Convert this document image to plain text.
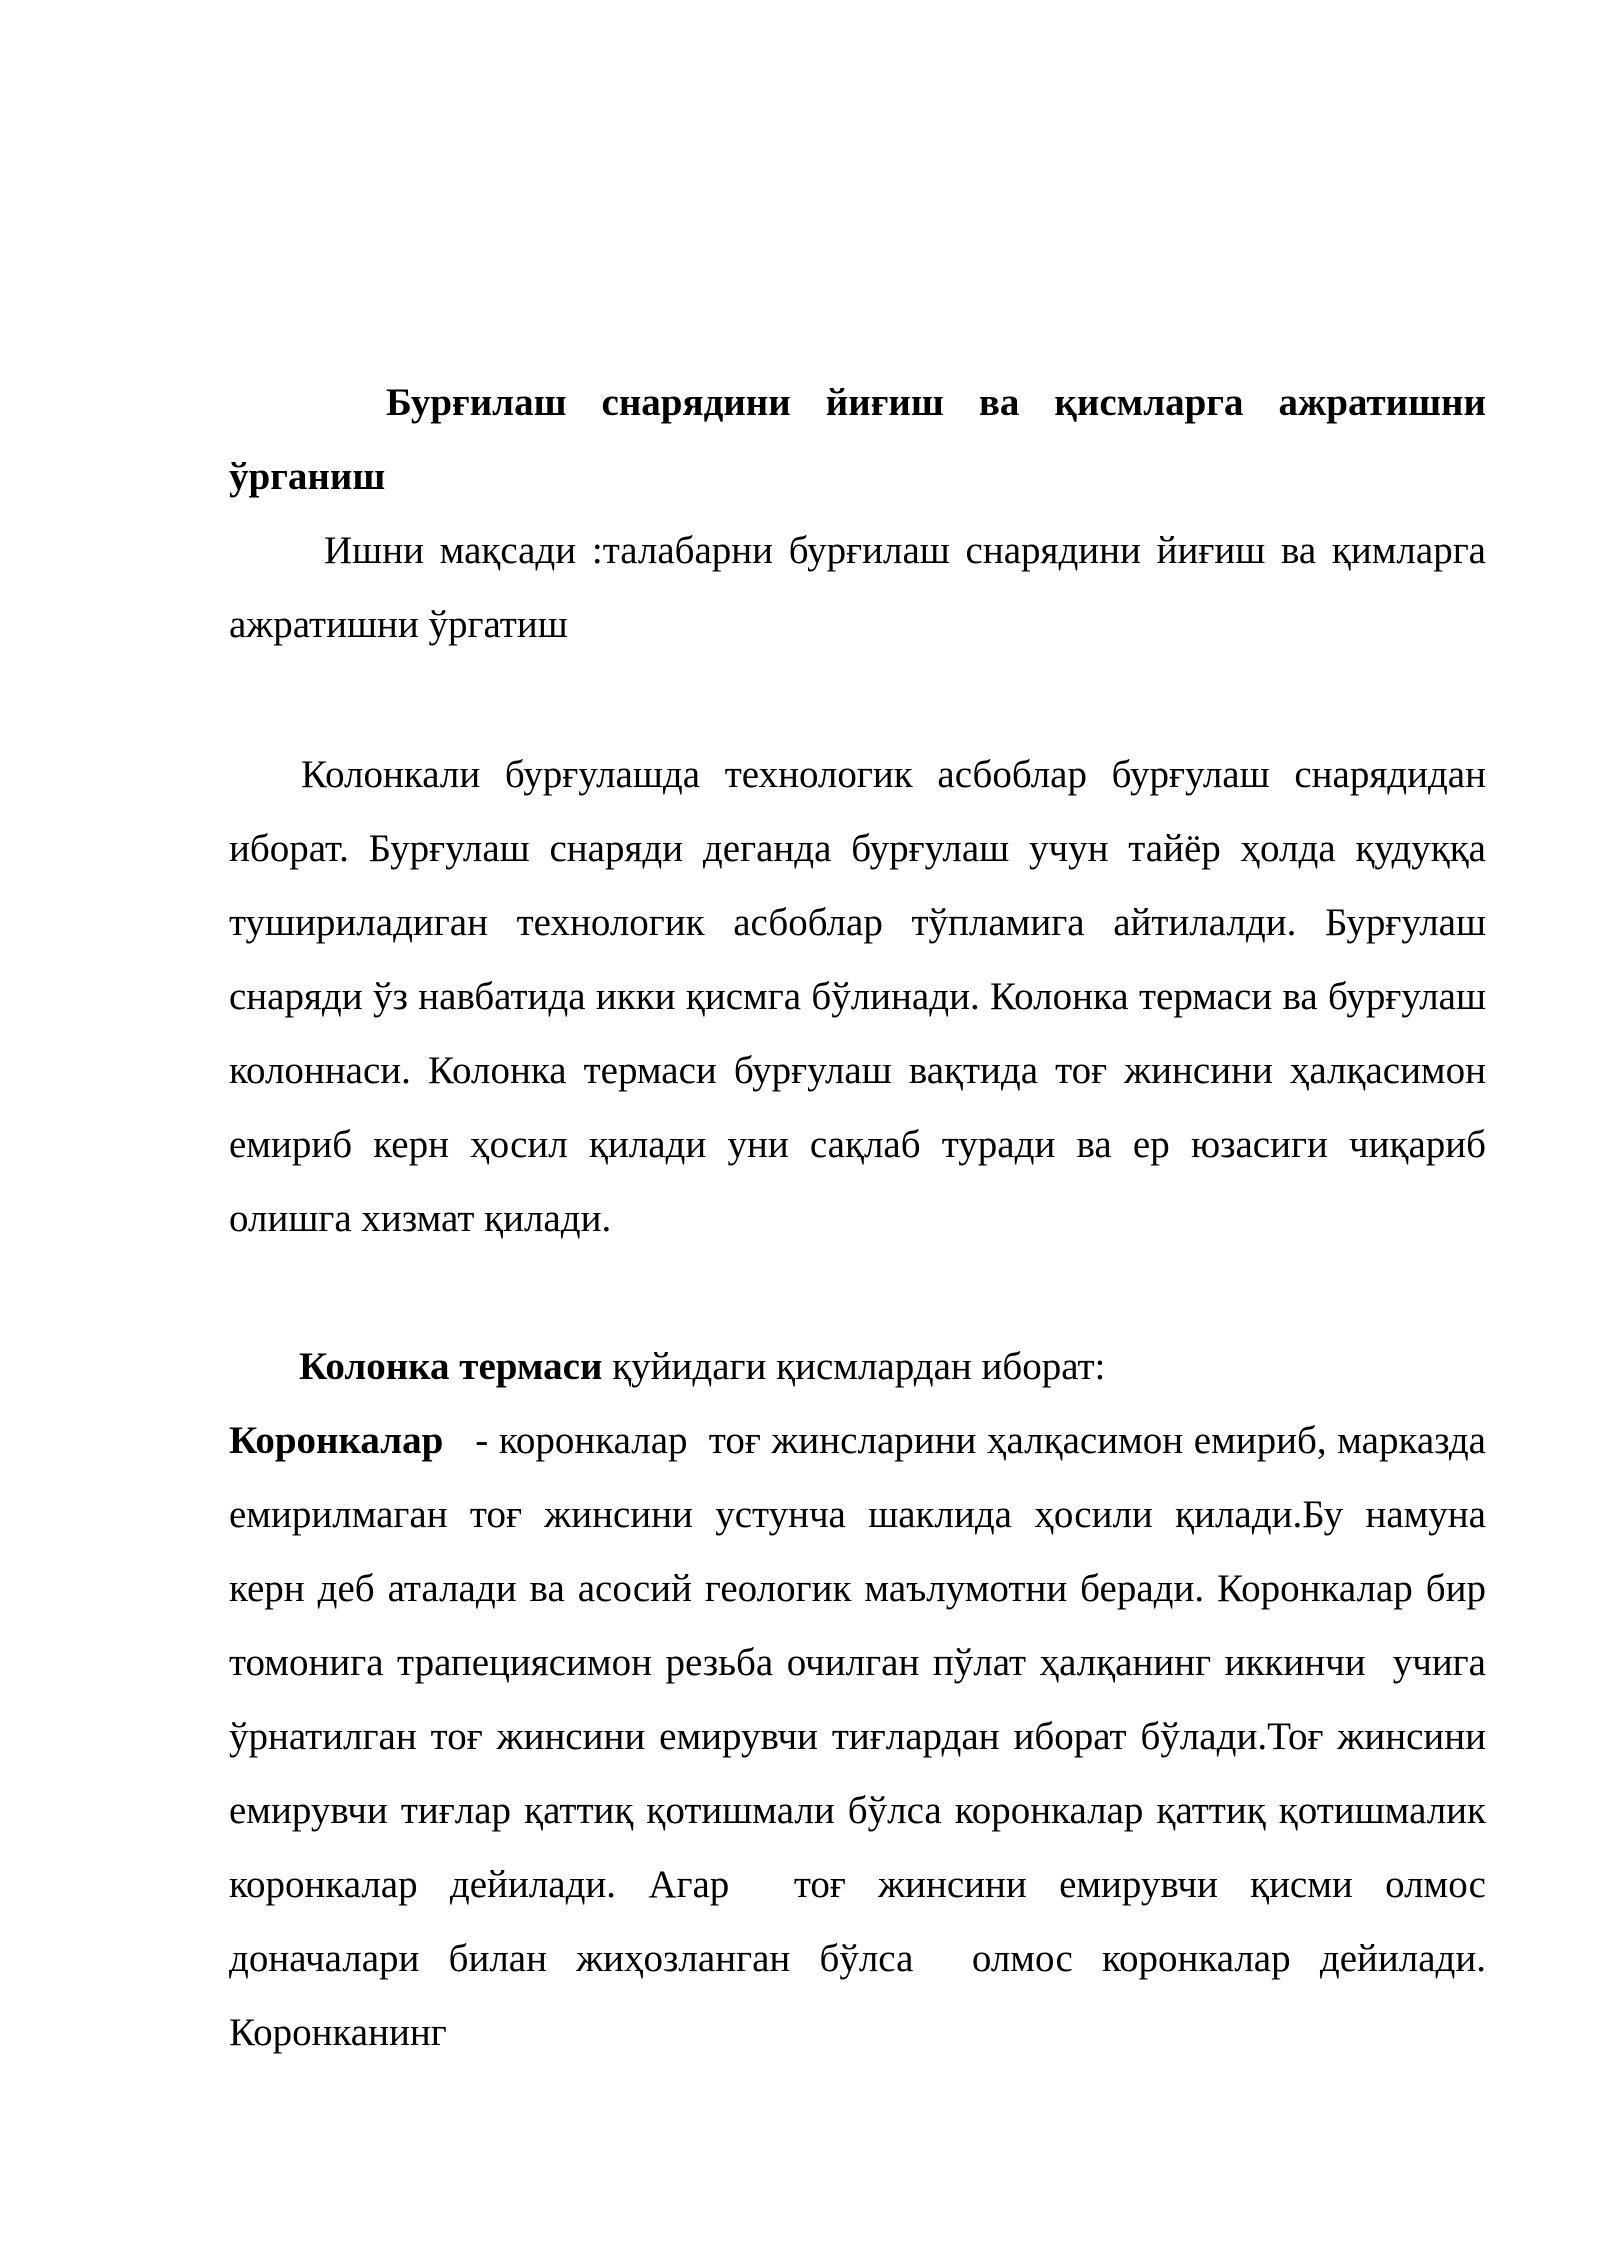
Бурғилаш снарядини йиғиш ва қисмларга ажратишни ўрганиш
Ишни мақсади :талабарни бурғилаш снарядини йиғиш ва қимларга ажратишни ўргатиш
Колонкали бурғулашда технологик асбоблар бурғулаш снарядидан иборат. Бурғулаш снаряди деганда бурғулаш учун тайёр ҳолда қудуққа тушириладиган технологик асбоблар тўпламига айтилалди. Бурғулаш снаряди ўз навбатида икки қисмга бўлинади. Колонка термаси ва бурғулаш колоннаси. Колонка термаси бурғулаш вақтида тоғ жинсини ҳалқасимон емириб керн ҳосил қилади уни сақлаб туради ва ер юзасиги чиқариб олишга хизмат қилади.
Колонка термаси қуйидаги қисмлардан иборат:
Коронкалар   - коронкалар  тоғ жинсларини ҳалқасимон емириб, марказда емирилмаган тоғ жинсини устунча шаклида ҳосили қилади.Бу намуна  керн деб аталади ва асосий геологик маълумотни беради. Коронкалар бир томонига трапециясимон резьба очилган пўлат ҳалқанинг иккинчи  учига ўрнатилган тоғ жинсини емирувчи тиғлардан иборат бўлади.Тоғ жинсини емирувчи тиғлар қаттиқ қотишмали бўлса коронкалар қаттиқ қотишмалик коронкалар дейилади. Агар  тоғ жинсини емирувчи қисми олмос доначалари билан жиҳозланган бўлса  олмос коронкалар дейилади. Коронканинг
